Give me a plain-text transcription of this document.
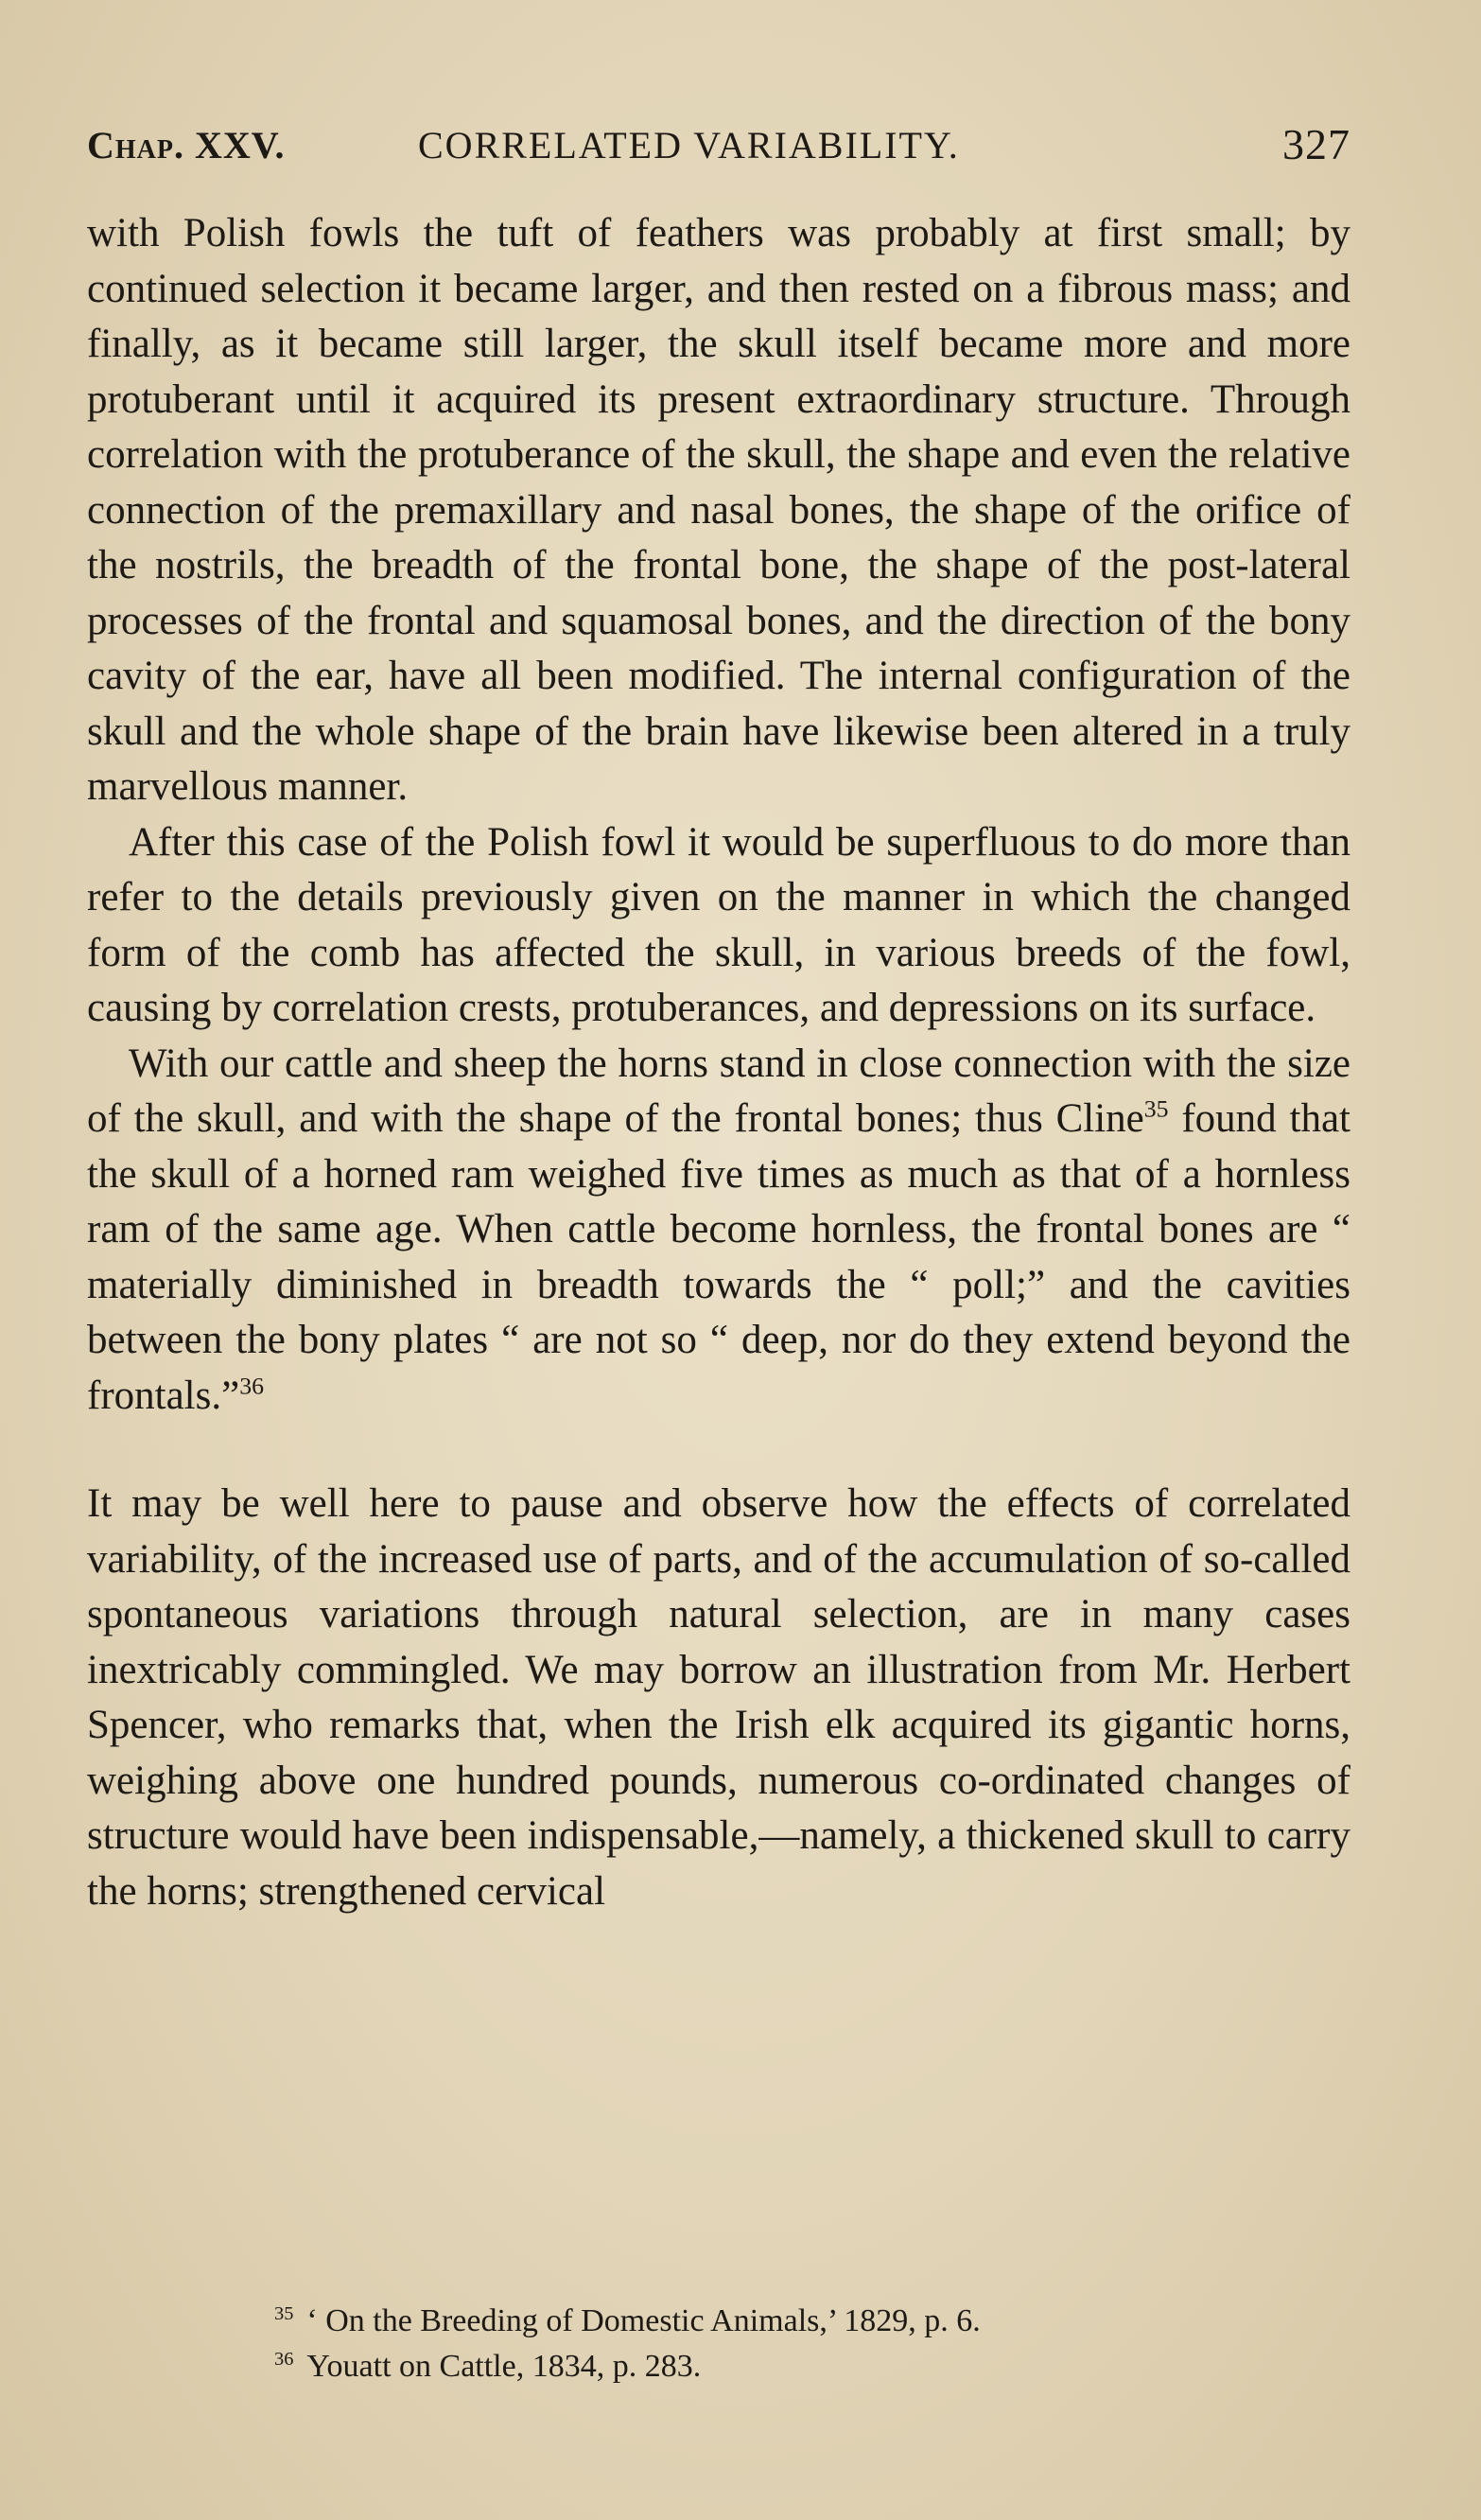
Chap. XXV.	CORRELATED VARIABILITY.	327

with Polish fowls the tuft of feathers was probably at first small; by continued selection it became larger, and then rested on a fibrous mass; and finally, as it became still larger, the skull itself became more and more protuberant until it acquired its present extraordinary structure. Through correlation with the protuberance of the skull, the shape and even the relative connection of the premaxillary and nasal bones, the shape of the orifice of the nostrils, the breadth of the frontal bone, the shape of the post-lateral processes of the frontal and squamosal bones, and the direction of the bony cavity of the ear, have all been modified. The internal configuration of the skull and the whole shape of the brain have likewise been altered in a truly marvellous manner.

After this case of the Polish fowl it would be superfluous to do more than refer to the details previously given on the manner in which the changed form of the comb has affected the skull, in various breeds of the fowl, causing by correlation crests, protuberances, and depressions on its surface.

With our cattle and sheep the horns stand in close connection with the size of the skull, and with the shape of the frontal bones; thus Cline$^{35}$ found that the skull of a horned ram weighed five times as much as that of a hornless ram of the same age. When cattle become hornless, the frontal bones are “ materially diminished in breadth towards the “ poll;” and the cavities between the bony plates “ are not so “ deep, nor do they extend beyond the frontals.”$^{36}$

It may be well here to pause and observe how the effects of correlated variability, of the increased use of parts, and of the accumulation of so-called spontaneous variations through natural selection, are in many cases inextricably commingled. We may borrow an illustration from Mr. Herbert Spencer, who remarks that, when the Irish elk acquired its gigantic horns, weighing above one hundred pounds, numerous co-ordinated changes of structure would have been indispensable,—namely, a thickened skull to carry the horns; strengthened cervical

$^{35}$ ‘ On the Breeding of Domestic Animals,’ 1829, p. 6.
$^{36}$ Youatt on Cattle, 1834, p. 283.
